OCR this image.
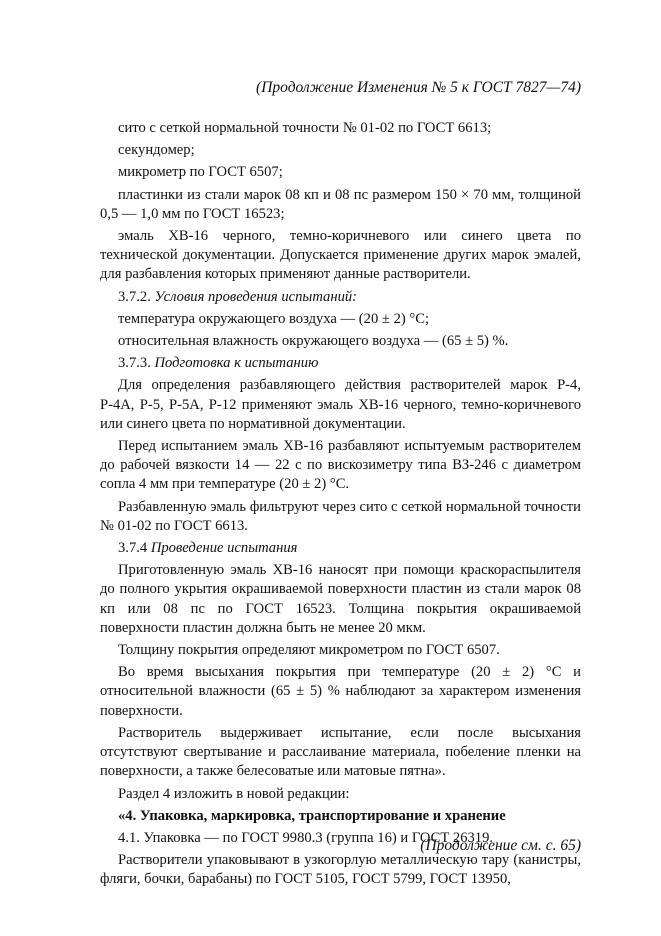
(Продолжение Изменения № 5 к ГОСТ 7827—74)

сито с сеткой нормальной точности № 01-02 по ГОСТ 6613;

секундомер;

микрометр по ГОСТ 6507;

пластинки из стали марок 08 кп и 08 пс размером 150 × 70 мм, толщиной 0,5 — 1,0 мм по ГОСТ 16523;

эмаль ХВ-16 черного, темно-коричневого или синего цвета по технической документации. Допускается применение других марок эмалей, для разбавления которых применяют данные растворители.

3.7.2. Условия проведения испытаний:

температура окружающего воздуха — (20 ± 2) °С;

относительная влажность окружающего воздуха — (65 ± 5) %.

3.7.3. Подготовка к испытанию

Для определения разбавляющего действия растворителей марок Р-4, Р-4А, Р-5, Р-5А, Р-12 применяют эмаль ХВ-16 черного, темно-коричневого или синего цвета по нормативной документации.

Перед испытанием эмаль ХВ-16 разбавляют испытуемым растворителем до рабочей вязкости 14 — 22 с по вискозиметру типа ВЗ-246 с диаметром сопла 4 мм при температуре (20 ± 2) °С.

Разбавленную эмаль фильтруют через сито с сеткой нормальной точности № 01-02 по ГОСТ 6613.

3.7.4 Проведение испытания

Приготовленную эмаль ХВ-16 наносят при помощи краскораспылителя до полного укрытия окрашиваемой поверхности пластин из стали марок 08 кп или 08 пс по ГОСТ 16523. Толщина покрытия окрашиваемой поверхности пластин должна быть не менее 20 мкм.

Толщину покрытия определяют микрометром по ГОСТ 6507.

Во время высыхания покрытия при температуре (20 ± 2) °С и относительной влажности (65 ± 5) % наблюдают за характером изменения поверхности.

Растворитель выдерживает испытание, если после высыхания отсутствуют свертывание и расслаивание материала, побеление пленки на поверхности, а также белесоватые или матовые пятна».

Раздел 4 изложить в новой редакции:

«4. Упаковка, маркировка, транспортирование и хранение

4.1. Упаковка — по ГОСТ 9980.3 (группа 16) и ГОСТ 26319.

Растворители упаковывают в узкогорлую металлическую тару (канистры, фляги, бочки, барабаны) по ГОСТ 5105, ГОСТ 5799, ГОСТ 13950,

(Продолжение см. с. 65)
